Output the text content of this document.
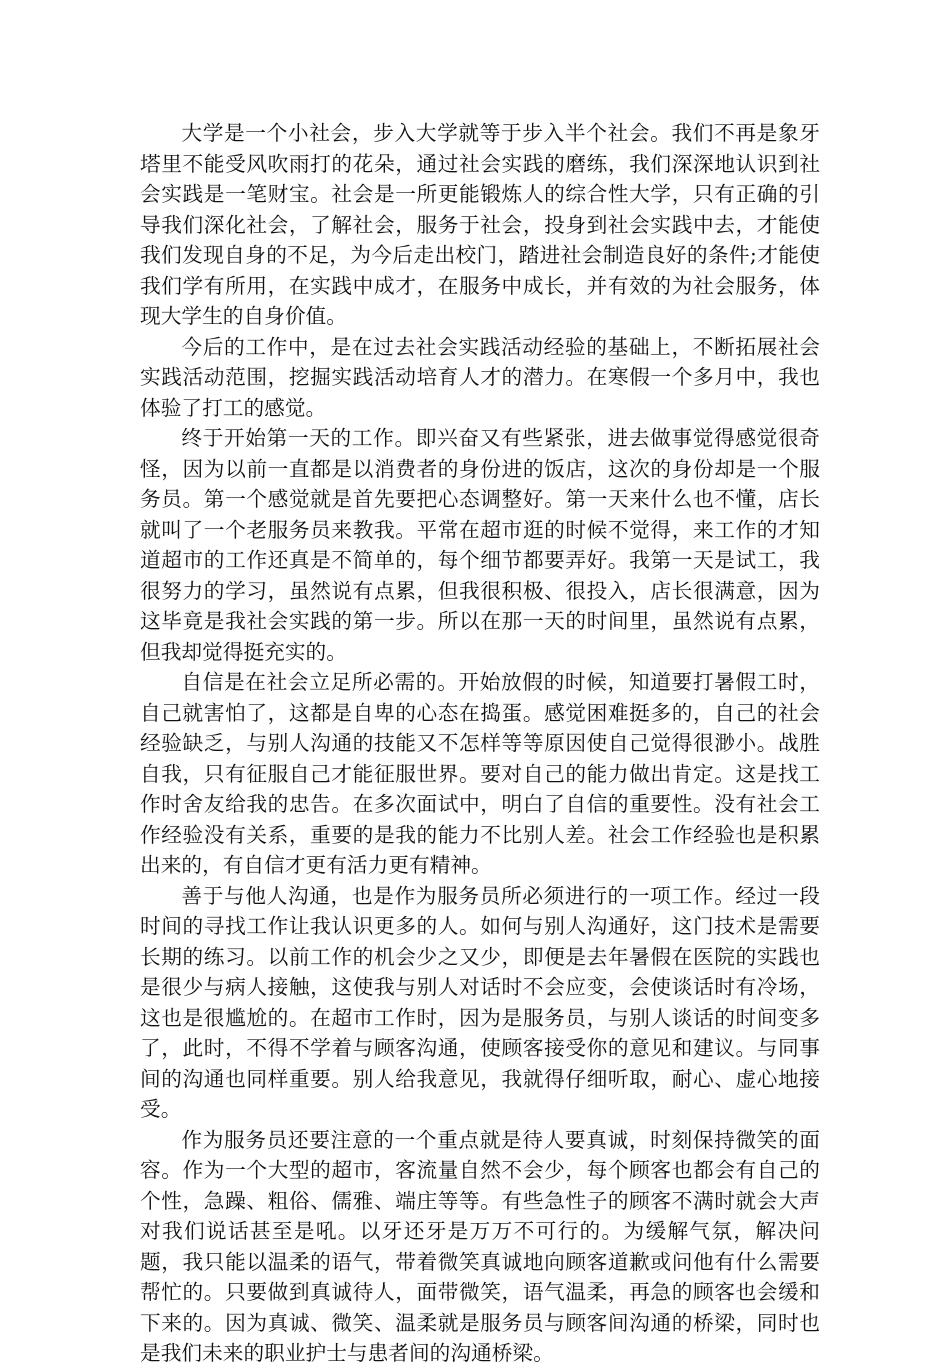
大学是一个小社会，步入大学就等于步入半个社会。我们不再是象牙塔里不能受风吹雨打的花朵，通过社会实践的磨练，我们深深地认识到社会实践是一笔财宝。社会是一所更能锻炼人的综合性大学，只有正确的引导我们深化社会，了解社会，服务于社会，投身到社会实践中去，才能使我们发现自身的不足，为今后走出校门，踏进社会制造良好的条件;才能使我们学有所用，在实践中成才，在服务中成长，并有效的为社会服务，体现大学生的自身价值。

今后的工作中，是在过去社会实践活动经验的基础上，不断拓展社会实践活动范围，挖掘实践活动培育人才的潜力。在寒假一个多月中，我也体验了打工的感觉。

终于开始第一天的工作。即兴奋又有些紧张，进去做事觉得感觉很奇怪，因为以前一直都是以消费者的身份进的饭店，这次的身份却是一个服务员。第一个感觉就是首先要把心态调整好。第一天来什么也不懂，店长就叫了一个老服务员来教我。平常在超市逛的时候不觉得，来工作的才知道超市的工作还真是不简单的，每个细节都要弄好。我第一天是试工，我很努力的学习，虽然说有点累，但我很积极、很投入，店长很满意，因为这毕竟是我社会实践的第一步。所以在那一天的时间里，虽然说有点累，但我却觉得挺充实的。

自信是在社会立足所必需的。开始放假的时候，知道要打暑假工时，自己就害怕了，这都是自卑的心态在捣蛋。感觉困难挺多的，自己的社会经验缺乏，与别人沟通的技能又不怎样等等原因使自己觉得很渺小。战胜自我，只有征服自己才能征服世界。要对自己的能力做出肯定。这是找工作时舍友给我的忠告。在多次面试中，明白了自信的重要性。没有社会工作经验没有关系，重要的是我的能力不比别人差。社会工作经验也是积累出来的，有自信才更有活力更有精神。

善于与他人沟通，也是作为服务员所必须进行的一项工作。经过一段时间的寻找工作让我认识更多的人。如何与别人沟通好，这门技术是需要长期的练习。以前工作的机会少之又少，即便是去年暑假在医院的实践也是很少与病人接触，这使我与别人对话时不会应变，会使谈话时有冷场，这也是很尴尬的。在超市工作时，因为是服务员，与别人谈话的时间变多了，此时，不得不学着与顾客沟通，使顾客接受你的意见和建议。与同事间的沟通也同样重要。别人给我意见，我就得仔细听取，耐心、虚心地接受。

作为服务员还要注意的一个重点就是待人要真诚，时刻保持微笑的面容。作为一个大型的超市，客流量自然不会少，每个顾客也都会有自己的个性，急躁、粗俗、儒雅、端庄等等。有些急性子的顾客不满时就会大声对我们说话甚至是吼。以牙还牙是万万不可行的。为缓解气氛，解决问题，我只能以温柔的语气，带着微笑真诚地向顾客道歉或问他有什么需要帮忙的。只要做到真诚待人，面带微笑，语气温柔，再急的顾客也会缓和下来的。因为真诚、微笑、温柔就是服务员与顾客间沟通的桥梁，同时也是我们未来的职业护士与患者间的沟通桥梁。
